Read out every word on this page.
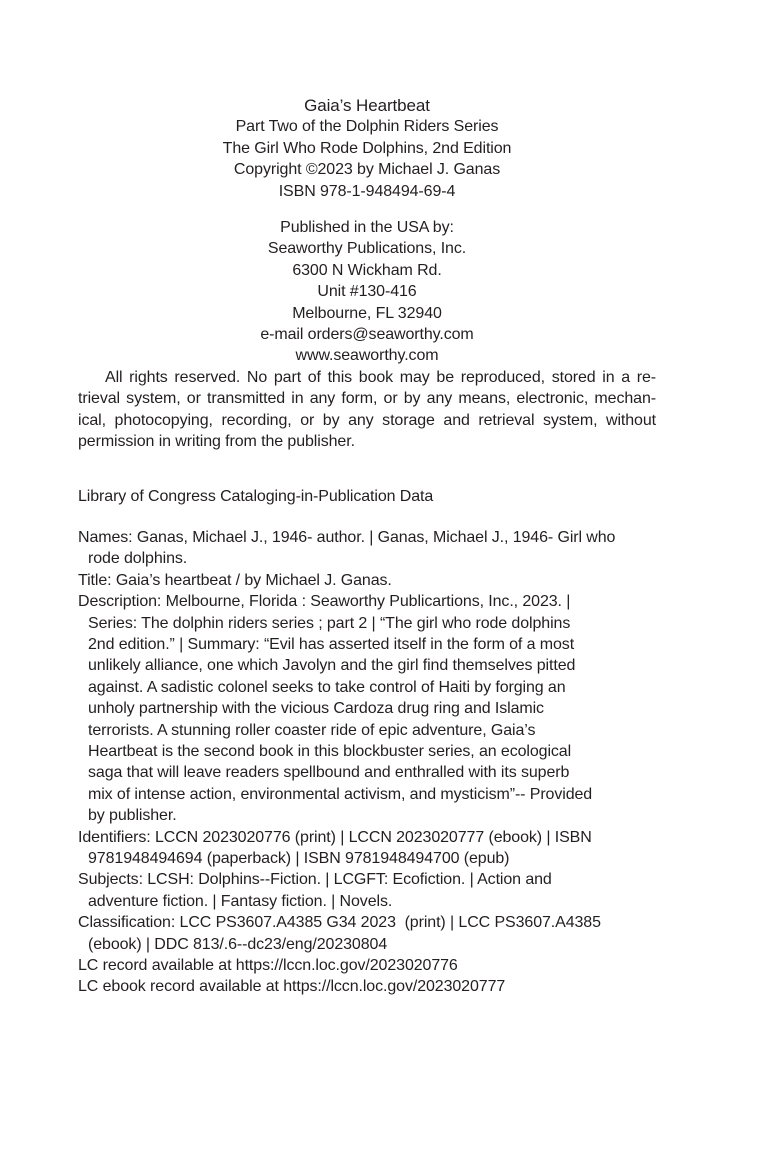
Gaia’s Heartbeat
Part Two of the Dolphin Riders Series
The Girl Who Rode Dolphins, 2nd Edition
Copyright ©2023 by Michael J. Ganas
ISBN 978-1-948494-69-4
Published in the USA by:
Seaworthy Publications, Inc.
6300 N Wickham Rd.
Unit #130-416
Melbourne, FL 32940
e-mail orders@seaworthy.com
www.seaworthy.com
All rights reserved. No part of this book may be reproduced, stored in a re-
trieval system, or transmitted in any form, or by any means, electronic, mechan-
ical, photocopying, recording, or by any storage and retrieval system, without
permission in writing from the publisher.
Library of Congress Cataloging-in-Publication Data
Names: Ganas, Michael J., 1946- author. | Ganas, Michael J., 1946- Girl who
rode dolphins.
Title: Gaia’s heartbeat / by Michael J. Ganas.
Description: Melbourne, Florida : Seaworthy Publicartions, Inc., 2023. |
Series: The dolphin riders series ; part 2 | “The girl who rode dolphins
2nd edition.” | Summary: “Evil has asserted itself in the form of a most
unlikely alliance, one which Javolyn and the girl find themselves pitted
against. A sadistic colonel seeks to take control of Haiti by forging an
unholy partnership with the vicious Cardoza drug ring and Islamic
terrorists. A stunning roller coaster ride of epic adventure, Gaia’s
Heartbeat is the second book in this blockbuster series, an ecological
saga that will leave readers spellbound and enthralled with its superb
mix of intense action, environmental activism, and mysticism”-- Provided
by publisher.
Identifiers: LCCN 2023020776 (print) | LCCN 2023020777 (ebook) | ISBN
9781948494694 (paperback) | ISBN 9781948494700 (epub)
Subjects: LCSH: Dolphins--Fiction. | LCGFT: Ecofiction. | Action and
adventure fiction. | Fantasy fiction. | Novels.
Classification: LCC PS3607.A4385 G34 2023  (print) | LCC PS3607.A4385
(ebook) | DDC 813/.6--dc23/eng/20230804
LC record available at https://lccn.loc.gov/2023020776
LC ebook record available at https://lccn.loc.gov/2023020777
